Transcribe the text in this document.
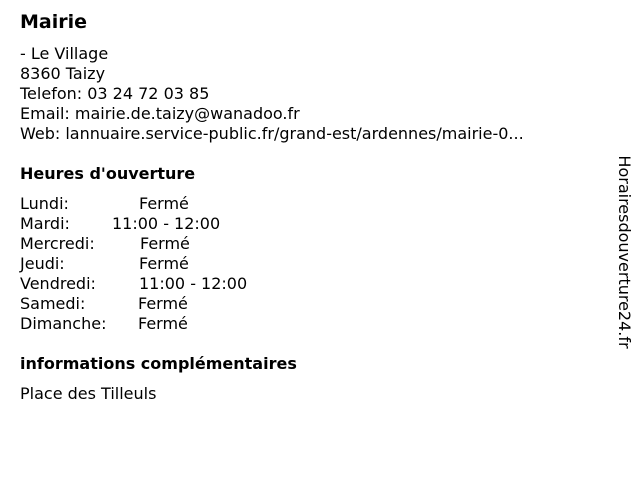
Mairie
- Le Village
8360 Taizy
Telefon: 03 24 72 03 85
Email: mairie.de.taizy@wanadoo.fr
Web: lannuaire.service-public.fr/grand-est/ardennes/mairie-0...
Heures d'ouverture
Lundi:	Fermé
Mardi:	11:00 - 12:00
Mercredi:	Fermé
Jeudi:	Fermé
Vendredi:	11:00 - 12:00
Samedi:	Fermé
Dimanche: Fermé
informations complémentaires
Place des Tilleuls
Horairesdouverture24.fr
